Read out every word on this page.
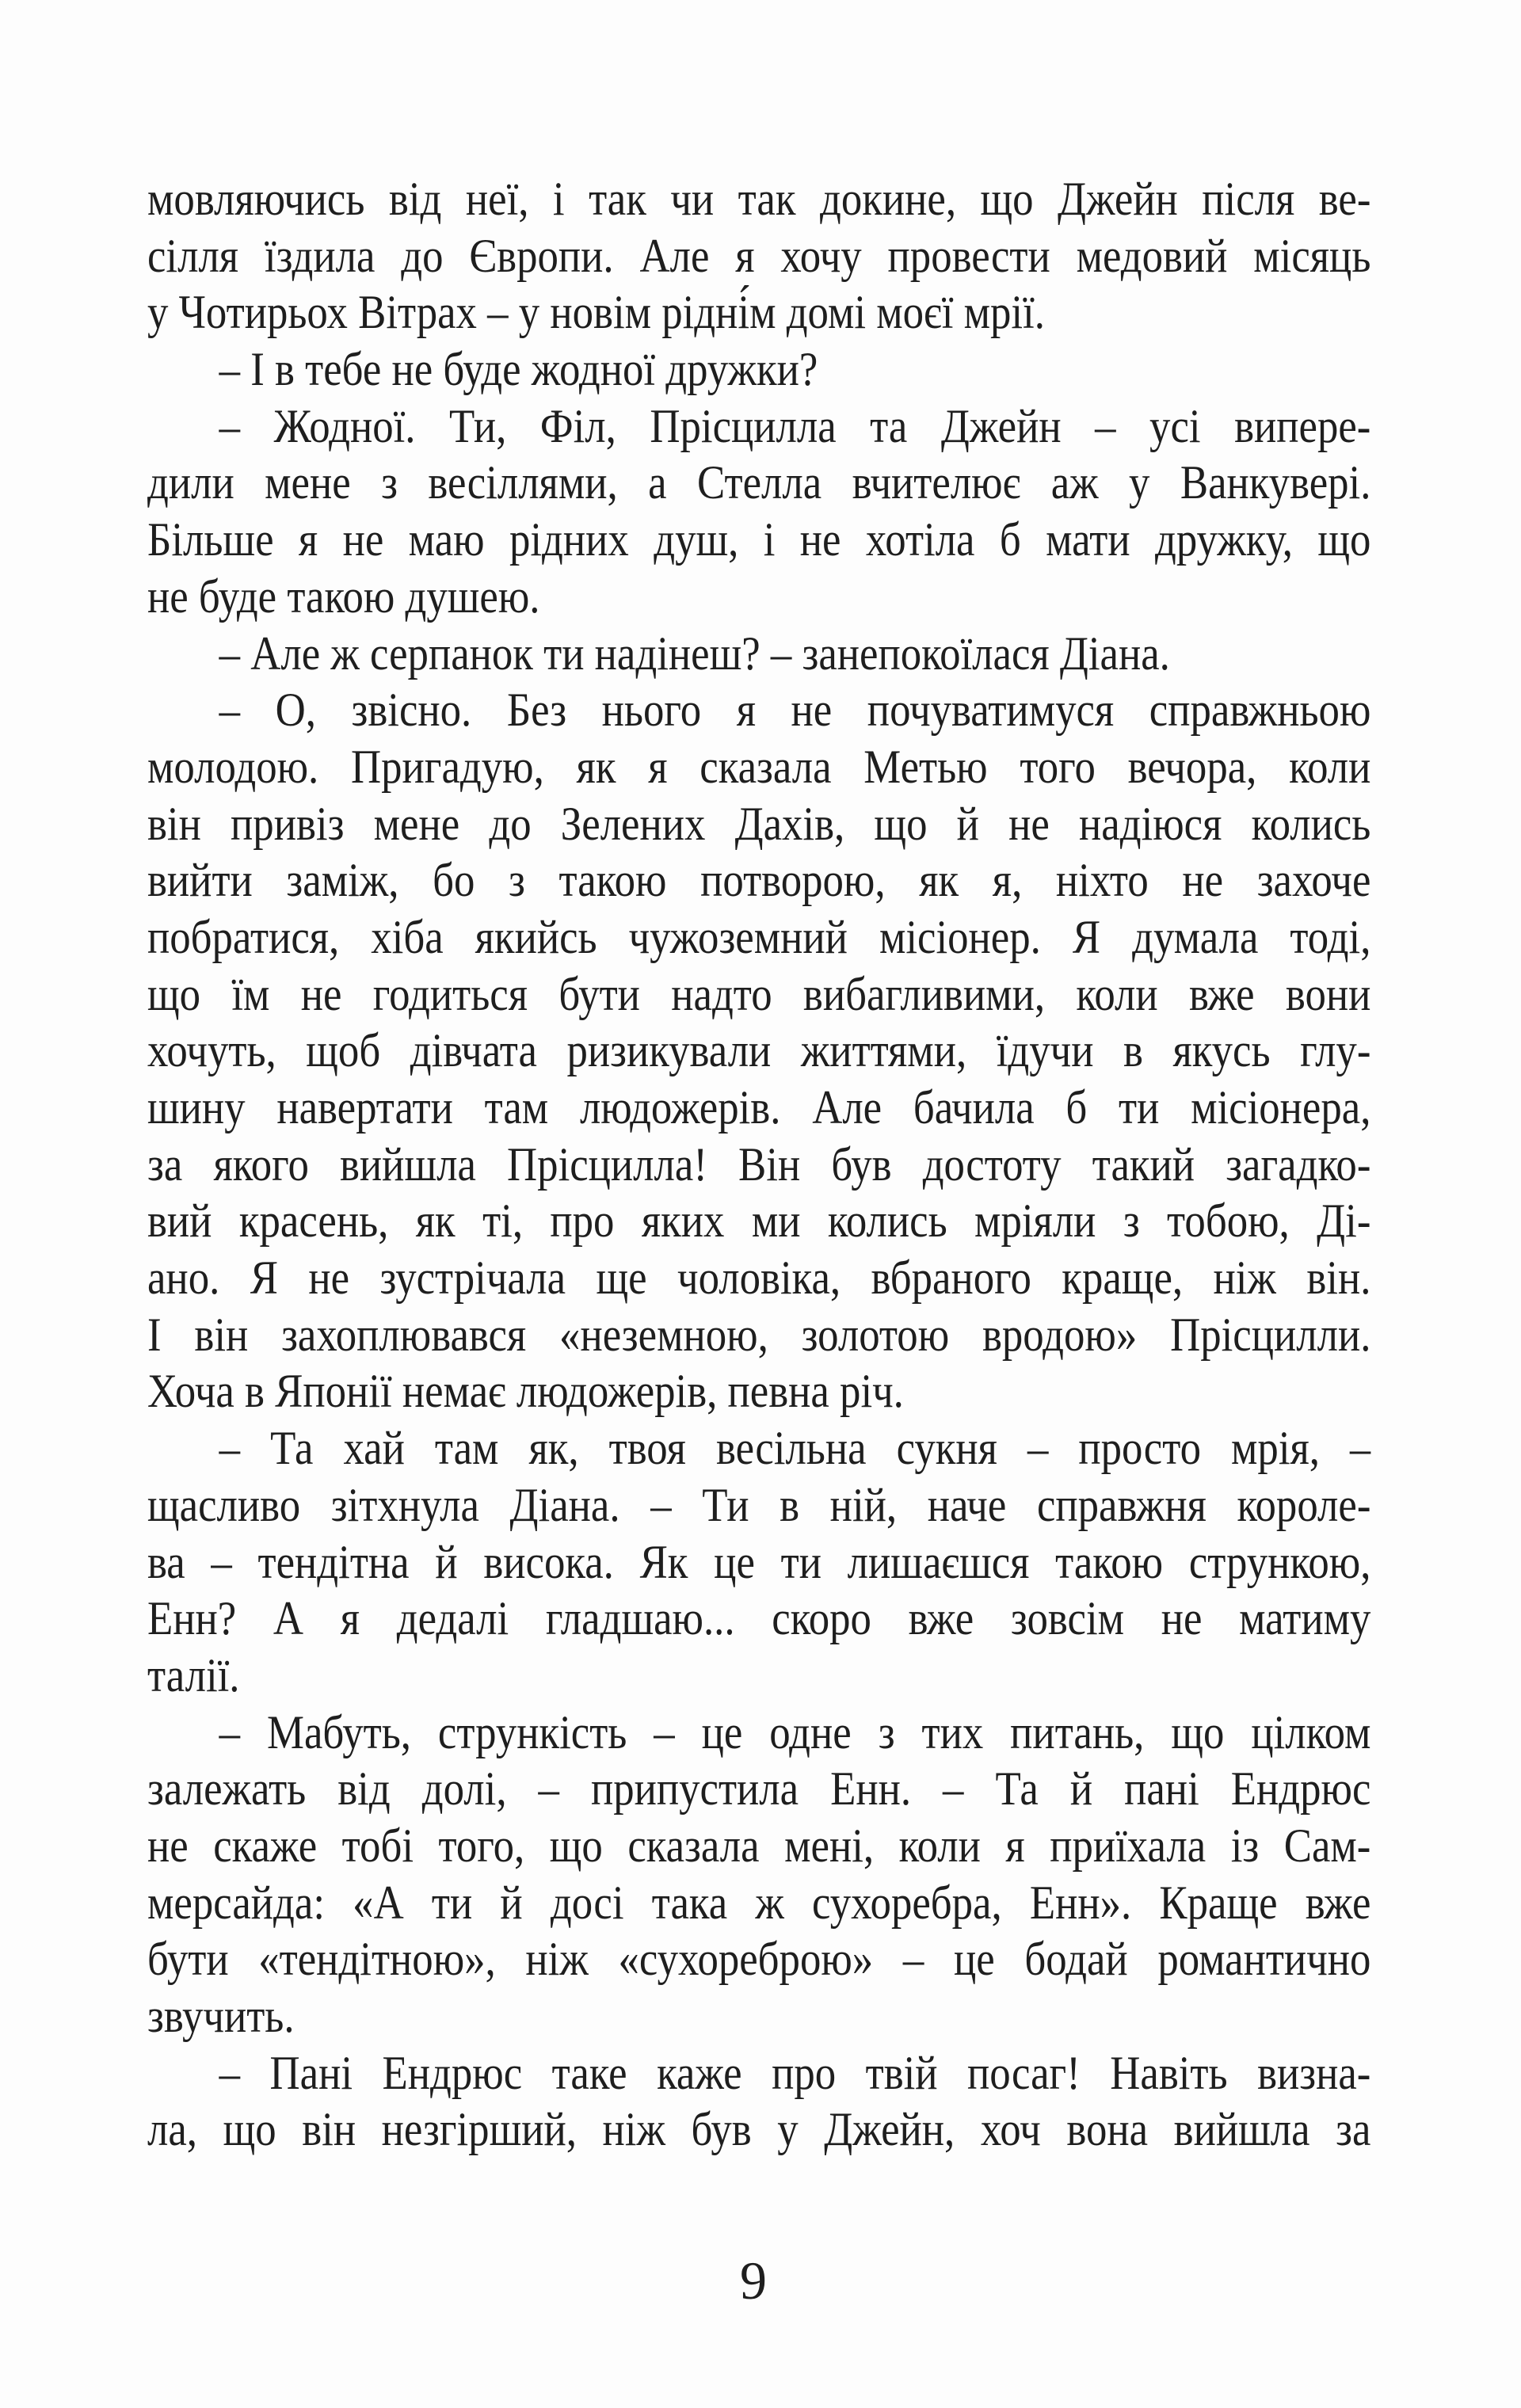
мовляючись від неї, і так чи так докине, що Джейн після ве-
сілля їздила до Європи. Але я хочу провести медовий місяць
у Чотирьох Вітрах – у новім рідні́м домі моєї мрії.
– І в тебе не буде жодної дружки?
– Жодної. Ти, Філ, Прісцилла та Джейн – усі випере-
дили мене з весіллями, а Стелла вчителює аж у Ванкувері.
Більше я не маю рідних душ, і не хотіла б мати дружку, що
не буде такою душею.
– Але ж серпанок ти надінеш? – занепокоїлася Діана.
– О, звісно. Без нього я не почуватимуся справжньою
молодою. Пригадую, як я сказала Метью того вечора, коли
він привіз мене до Зелених Дахів, що й не надіюся колись
вийти заміж, бо з такою потворою, як я, ніхто не захоче
побратися, хіба якийсь чужоземний місіонер. Я думала тоді,
що їм не годиться бути надто вибагливими, коли вже вони
хочуть, щоб дівчата ризикували життями, їдучи в якусь глу-
шину навертати там людожерів. Але бачила б ти місіонера,
за якого вийшла Прісцилла! Він був достоту такий загадко-
вий красень, як ті, про яких ми колись мріяли з тобою, Ді-
ано. Я не зустрічала ще чоловіка, вбраного краще, ніж він.
І він захоплювався «неземною, золотою вродою» Прісцилли.
Хоча в Японії немає людожерів, певна річ.
– Та хай там як, твоя весільна сукня – просто мрія, –
щасливо зітхнула Діана. – Ти в ній, наче справжня короле-
ва – тендітна й висока. Як це ти лишаєшся такою стрункою,
Енн? А я дедалі гладшаю... скоро вже зовсім не матиму
талії.
– Мабуть, стрункість – це одне з тих питань, що цілком
залежать від долі, – припустила Енн. – Та й пані Ендрюс
не скаже тобі того, що сказала мені, коли я приїхала із Сам-
мерсайда: «А ти й досі така ж сухоребра, Енн». Краще вже
бути «тендітною», ніж «сухореброю» – це бодай романтично
звучить.
– Пані Ендрюс таке каже про твій посаг! Навіть визна-
ла, що він незгірший, ніж був у Джейн, хоч вона вийшла за
9
